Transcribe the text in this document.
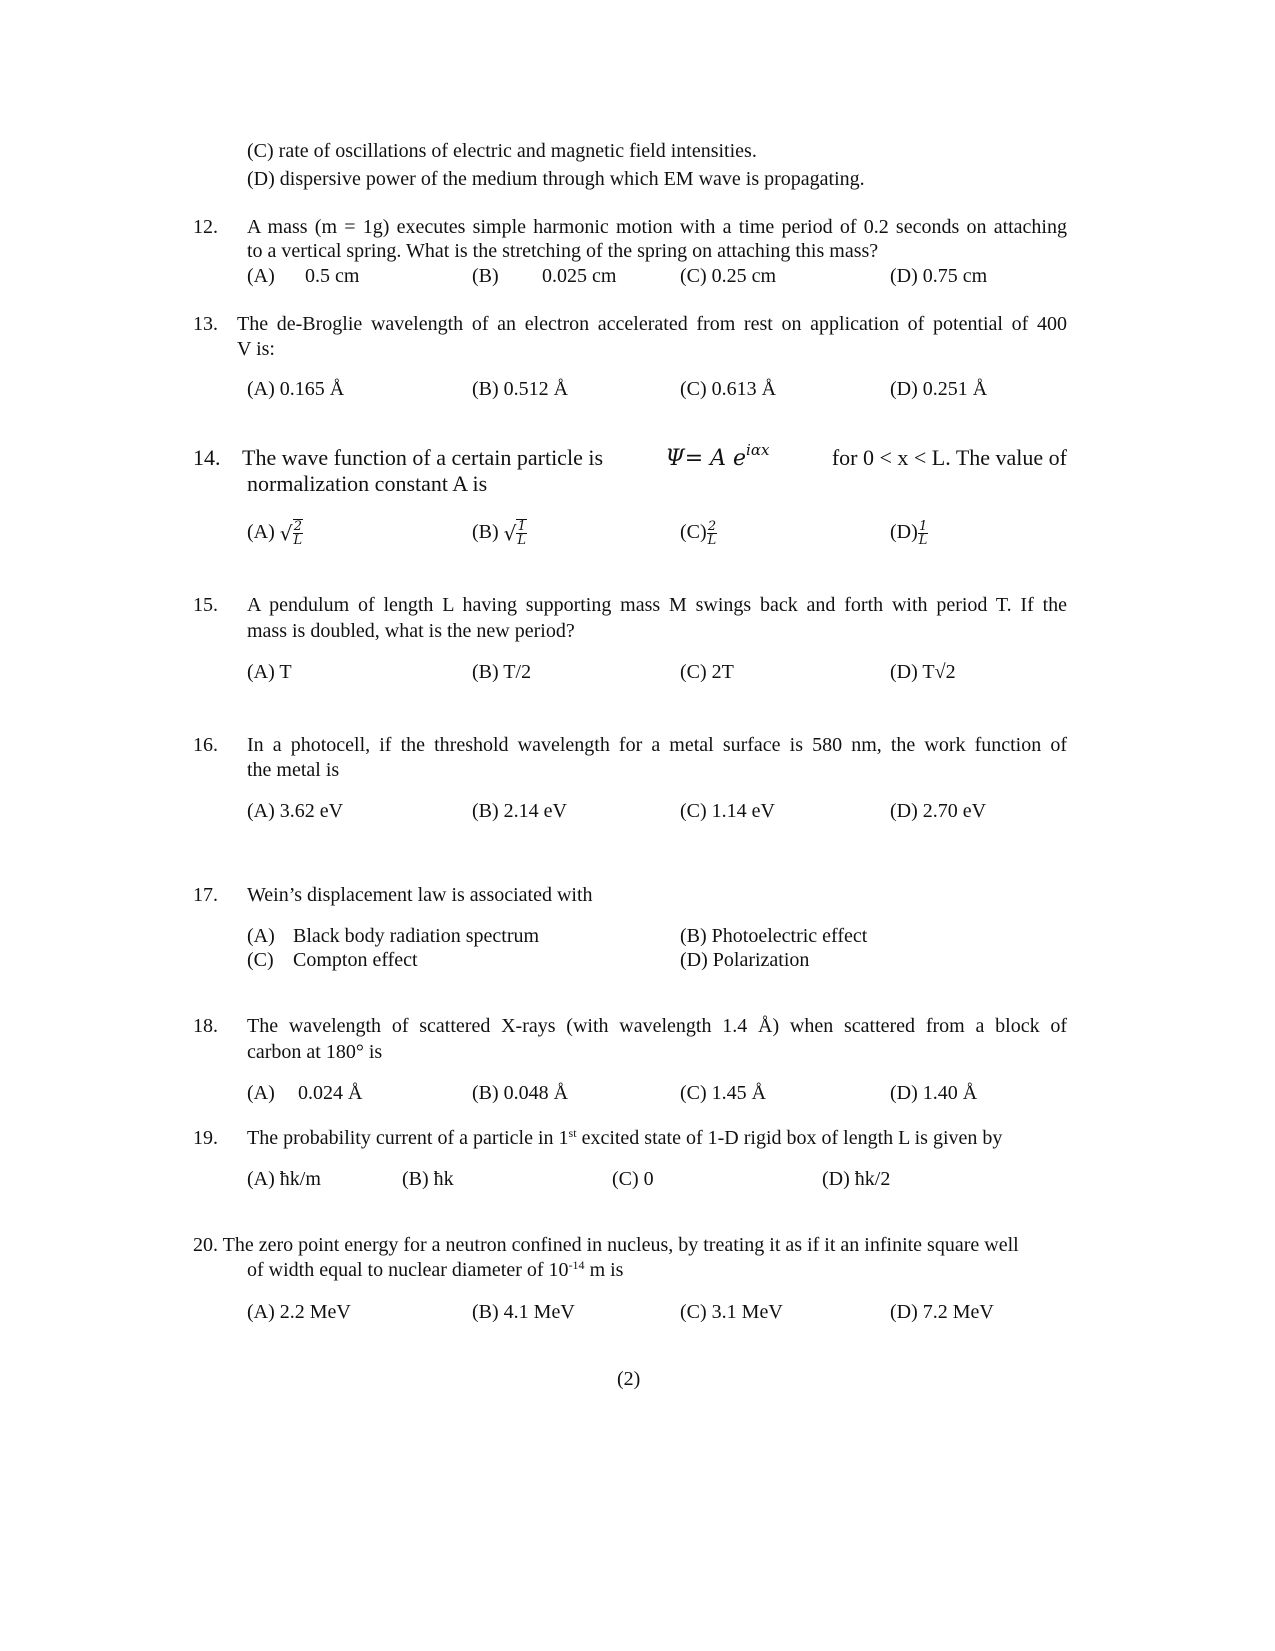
(C) rate of oscillations of electric and magnetic field intensities.
(D) dispersive power of the medium through which EM wave is propagating.
12. A mass (m = 1g) executes simple harmonic motion with a time period of 0.2 seconds on attaching
to a vertical spring. What is the stretching of the spring on attaching this mass?
(A) 0.5 cm	(B) 0.025 cm	(C) 0.25 cm	(D) 0.75 cm
13. The de-Broglie wavelength of an electron accelerated from rest on application of potential of 400
V is:
(A) 0.165 Å	(B) 0.512 Å	(C) 0.613 Å	(D) 0.251 Å
14. The wave function of a certain particle is	Ψ= A $e^{i\alpha x}$	for 0 < x < L. The value of
normalization constant A is
(A) √ $\frac{2}{L}$	(B) √ $\frac{1}{L}$	$(C) \frac{2}{L}$	$(D) \frac{1}{L}$
15. A pendulum of length L having supporting mass M swings back and forth with period T. If the
mass is doubled, what is the new period?
(A) T	(B) T/2	(C) 2T	(D) T√2
16. In a photocell, if the threshold wavelength for a metal surface is 580 nm, the work function of
the metal is
(A) 3.62 eV	(B) 2.14 eV	(C) 1.14 eV	(D) 2.70 eV
17. Wein’s displacement law is associated with
(A) Black body radiation spectrum	(B) Photoelectric effect
(C) Compton effect	(D) Polarization
18. The wavelength of scattered X-rays (with wavelength 1.4 Å) when scattered from a block of
carbon at 180° is
(A) 0.024 Å	(B) 0.048 Å	(C) 1.45 Å	(D) 1.40 Å
19. The probability current of a particle in 1st excited state of 1-D rigid box of length L is given by
(A) ħk/m	(B) ħk	(C) 0	(D) ħk/2
20. The zero point energy for a neutron confined in nucleus, by treating it as if it an infinite square well
of width equal to nuclear diameter of $10^{-14}$ m is
(A) 2.2 MeV	(B) 4.1 MeV	(C) 3.1 MeV	(D) 7.2 MeV
(2)
